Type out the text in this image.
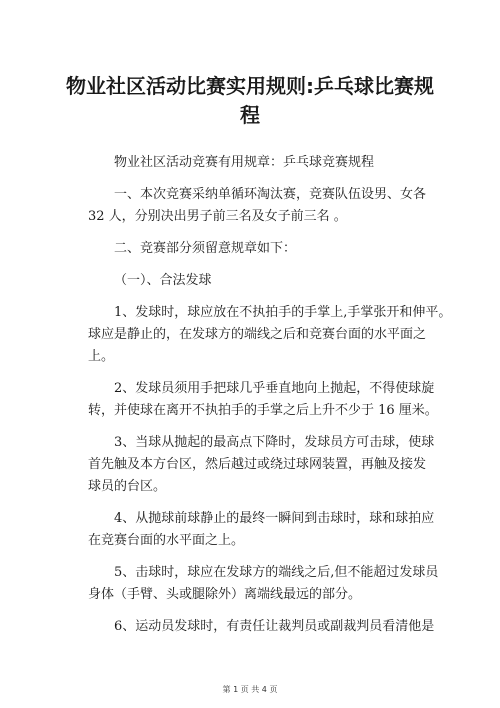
物业社区活动比赛实用规则:乒乓球比赛规
程
物业社区活动竞赛有用规章：乒乓球竞赛规程
一、本次竞赛采纳单循环淘汰赛，竞赛队伍设男、女各
32 人，分别决出男子前三名及女子前三名 。
二、竞赛部分须留意规章如下：
（一）、合法发球
1、发球时，球应放在不执拍手的手掌上,手掌张开和伸平。
球应是静止的，在发球方的端线之后和竞赛台面的水平面之
上。
2、发球员须用手把球几乎垂直地向上抛起，不得使球旋
转，并使球在离开不执拍手的手掌之后上升不少于 16 厘米。
3、当球从抛起的最高点下降时，发球员方可击球，使球
首先触及本方台区，然后越过或绕过球网装置，再触及接发
球员的台区。
4、从抛球前球静止的最终一瞬间到击球时，球和球拍应
在竞赛台面的水平面之上。
5、击球时，球应在发球方的端线之后,但不能超过发球员
身体（手臂、头或腿除外）离端线最远的部分。
6、运动员发球时，有责任让裁判员或副裁判员看清他是
第 1 页 共 4 页
